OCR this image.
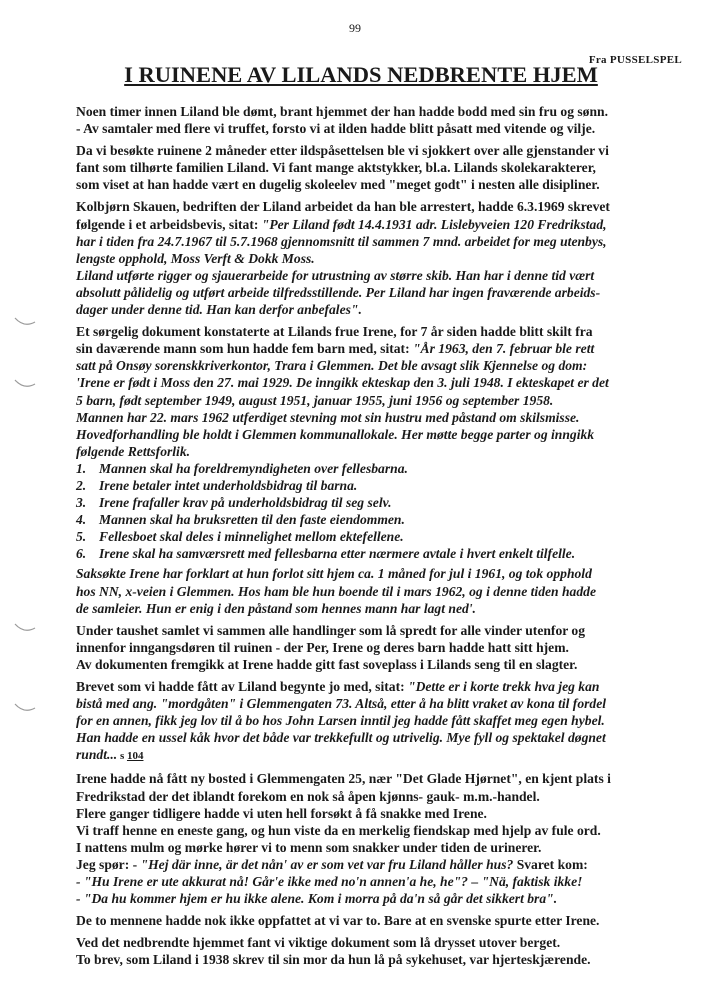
99
Fra PUSSELSPEL
I RUINENE AV LILANDS NEDBRENTE HJEM

Noen timer innen Liland ble dømt, brant hjemmet der han hadde bodd med sin fru og sønn.
- Av samtaler med flere vi truffet, forsto vi at ilden hadde blitt påsatt med vitende og vilje.

Da vi besøkte ruinene 2 måneder etter ildspåsettelsen ble vi sjokkert over alle gjenstander vi
fant som tilhørte familien Liland. Vi fant mange aktstykker, bl.a. Lilands skolekarakterer,
som viset at han hadde vært en dugelig skoleelev med "meget godt" i nesten alle disipliner.

Kolbjørn Skauen, bedriften der Liland arbeidet da han ble arrestert, hadde 6.3.1969 skrevet
følgende i et arbeidsbevis, sitat: "Per Liland født 14.4.1931 adr. Lislebyveien 120 Fredrikstad,
har i tiden fra 24.7.1967 til 5.7.1968 gjennomsnitt til sammen 7 mnd. arbeidet for meg utenbys,
lengste opphold, Moss Verft & Dokk Moss.
Liland utførte rigger og sjauerarbeide for utrustning av større skib. Han har i denne tid vært
absolutt pålidelig og utført arbeide tilfredsstillende. Per Liland har ingen fraværende arbeids-
dager under denne tid. Han kan derfor anbefales".

Et sørgelig dokument konstaterte at Lilands frue Irene, for 7 år siden hadde blitt skilt fra
sin daværende mann som hun hadde fem barn med, sitat: "År 1963, den 7. februar ble rett
satt på Onsøy sorenskkriverkontor, Trara i Glemmen. Det ble avsagt slik Kjennelse og dom:
'Irene er født i Moss den 27. mai 1929. De inngikk ekteskap den 3. juli 1948. I ekteskapet er det
5 barn, født september 1949, august 1951, januar 1955, juni 1956 og september 1958.
Mannen har 22. mars 1962 utferdiget stevning mot sin hustru med påstand om skilsmisse.
Hovedforhandling ble holdt i Glemmen kommunallokale. Her møtte begge parter og inngikk
følgende Rettsforlik.

1. Mannen skal ha foreldremyndigheten over fellesbarna.
2. Irene betaler intet underholdsbidrag til barna.
3. Irene frafaller krav på underholdsbidrag til seg selv.
4. Mannen skal ha bruksretten til den faste eiendommen.
5. Fellesboet skal deles i minnelighet mellom ektefellene.
6. Irene skal ha samværsrett med fellesbarna etter nærmere avtale i hvert enkelt tilfelle.

Saksøkte Irene har forklart at hun forlot sitt hjem ca. 1 måned for jul i 1961, og tok opphold
hos NN, x-veien i Glemmen. Hos ham ble hun boende til i mars 1962, og i denne tiden hadde
de samleier. Hun er enig i den påstand som hennes mann har lagt ned'.

Under taushet samlet vi sammen alle handlinger som lå spredt for alle vinder utenfor og
innenfor inngangsdøren til ruinen - der Per, Irene og deres barn hadde hatt sitt hjem.
Av dokumenten fremgikk at Irene hadde gitt fast soveplass i Lilands seng til en slagter.

Brevet som vi hadde fått av Liland begynte jo med, sitat: "Dette er i korte trekk hva jeg kan
bistå med ang. "mordgåten" i Glemmengaten 73. Altså, etter å ha blitt vraket av kona til fordel
for en annen, fikk jeg lov til å bo hos John Larsen inntil jeg hadde fått skaffet meg egen hybel.
Han hadde en ussel kåk hvor det både var trekkefullt og utrivelig. Mye fyll og spektakel døgnet
rundt... s 104

Irene hadde nå fått ny bosted i Glemmengaten 25, nær "Det Glade Hjørnet", en kjent plats i
Fredrikstad der det iblandt forekom en nok så åpen kjønns- gauk- m.m.-handel.
Flere ganger tidligere hadde vi uten hell forsøkt å få snakke med Irene.
Vi traff henne en eneste gang, og hun viste da en merkelig fiendskap med hjelp av fule ord.
I nattens mulm og mørke hører vi to menn som snakker under tiden de urinerer.
Jeg spør: - "Hej där inne, är det nån' av er som vet var fru Liland håller hus? Svaret kom:
- "Hu Irene er ute akkurat nå! Går'e ikke med no'n annen'a he, he"? – "Nä, faktisk ikke!
- "Da hu kommer hjem er hu ikke alene. Kom i morra på da'n så går det sikkert bra".

De to mennene hadde nok ikke oppfattet at vi var to. Bare at en svenske spurte etter Irene.

Ved det nedbrendte hjemmet fant vi viktige dokument som lå drysset utover berget.
To brev, som Liland i 1938 skrev til sin mor da hun lå på sykehuset, var hjerteskjærende.
